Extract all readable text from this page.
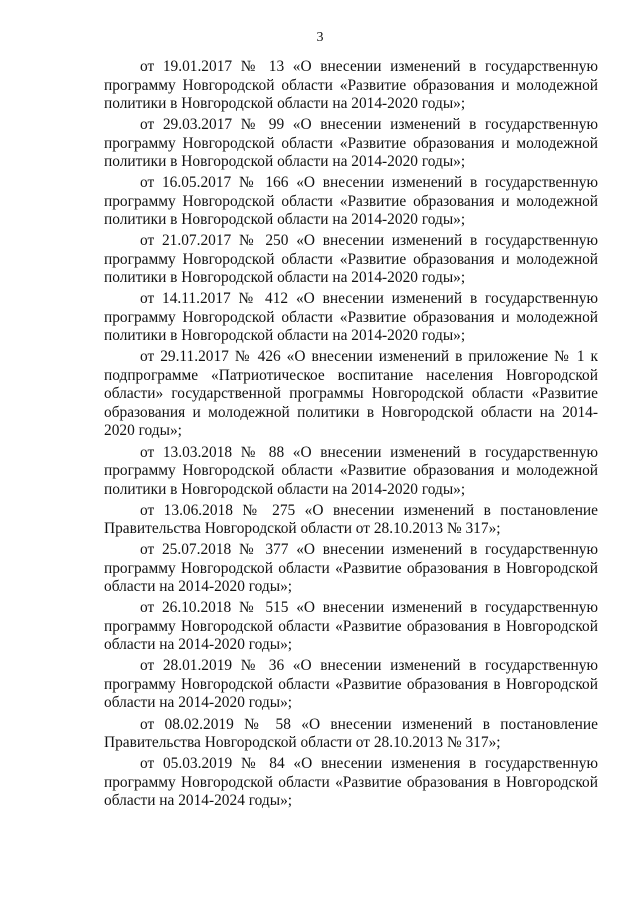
3

от 19.01.2017 № 13 «О внесении изменений в государственную программу Новгородской области «Развитие образования и молодежной политики в Новгородской области на 2014-2020 годы»;

от 29.03.2017 № 99 «О внесении изменений в государственную программу Новгородской области «Развитие образования и молодежной политики в Новгородской области на 2014-2020 годы»;

от 16.05.2017 № 166 «О внесении изменений в государственную программу Новгородской области «Развитие образования и молодежной политики в Новгородской области на 2014-2020 годы»;

от 21.07.2017 № 250 «О внесении изменений в государственную программу Новгородской области «Развитие образования и молодежной политики в Новгородской области на 2014-2020 годы»;

от 14.11.2017 № 412 «О внесении изменений в государственную программу Новгородской области «Развитие образования и молодежной политики в Новгородской области на 2014-2020 годы»;

от 29.11.2017 № 426 «О внесении изменений в приложение № 1 к подпрограмме «Патриотическое воспитание населения Новгородской области» государственной программы Новгородской области «Развитие образования и молодежной политики в Новгородской области на 2014-2020 годы»;

от 13.03.2018 № 88 «О внесении изменений в государственную программу Новгородской области «Развитие образования и молодежной политики в Новгородской области на 2014-2020 годы»;

от 13.06.2018 № 275 «О внесении изменений в постановление Правительства Новгородской области от 28.10.2013 № 317»;

от 25.07.2018 № 377 «О внесении изменений в государственную программу Новгородской области «Развитие образования в Новгородской области на 2014-2020 годы»;

от 26.10.2018 № 515 «О внесении изменений в государственную программу Новгородской области «Развитие образования в Новгородской области на 2014-2020 годы»;

от 28.01.2019 № 36 «О внесении изменений в государственную программу Новгородской области «Развитие образования в Новгородской области на 2014-2020 годы»;

от 08.02.2019 № 58 «О внесении изменений в постановление Правительства Новгородской области от 28.10.2013 № 317»;

от 05.03.2019 № 84 «О внесении изменения в государственную программу Новгородской области «Развитие образования в Новгородской области на 2014-2024 годы»;
